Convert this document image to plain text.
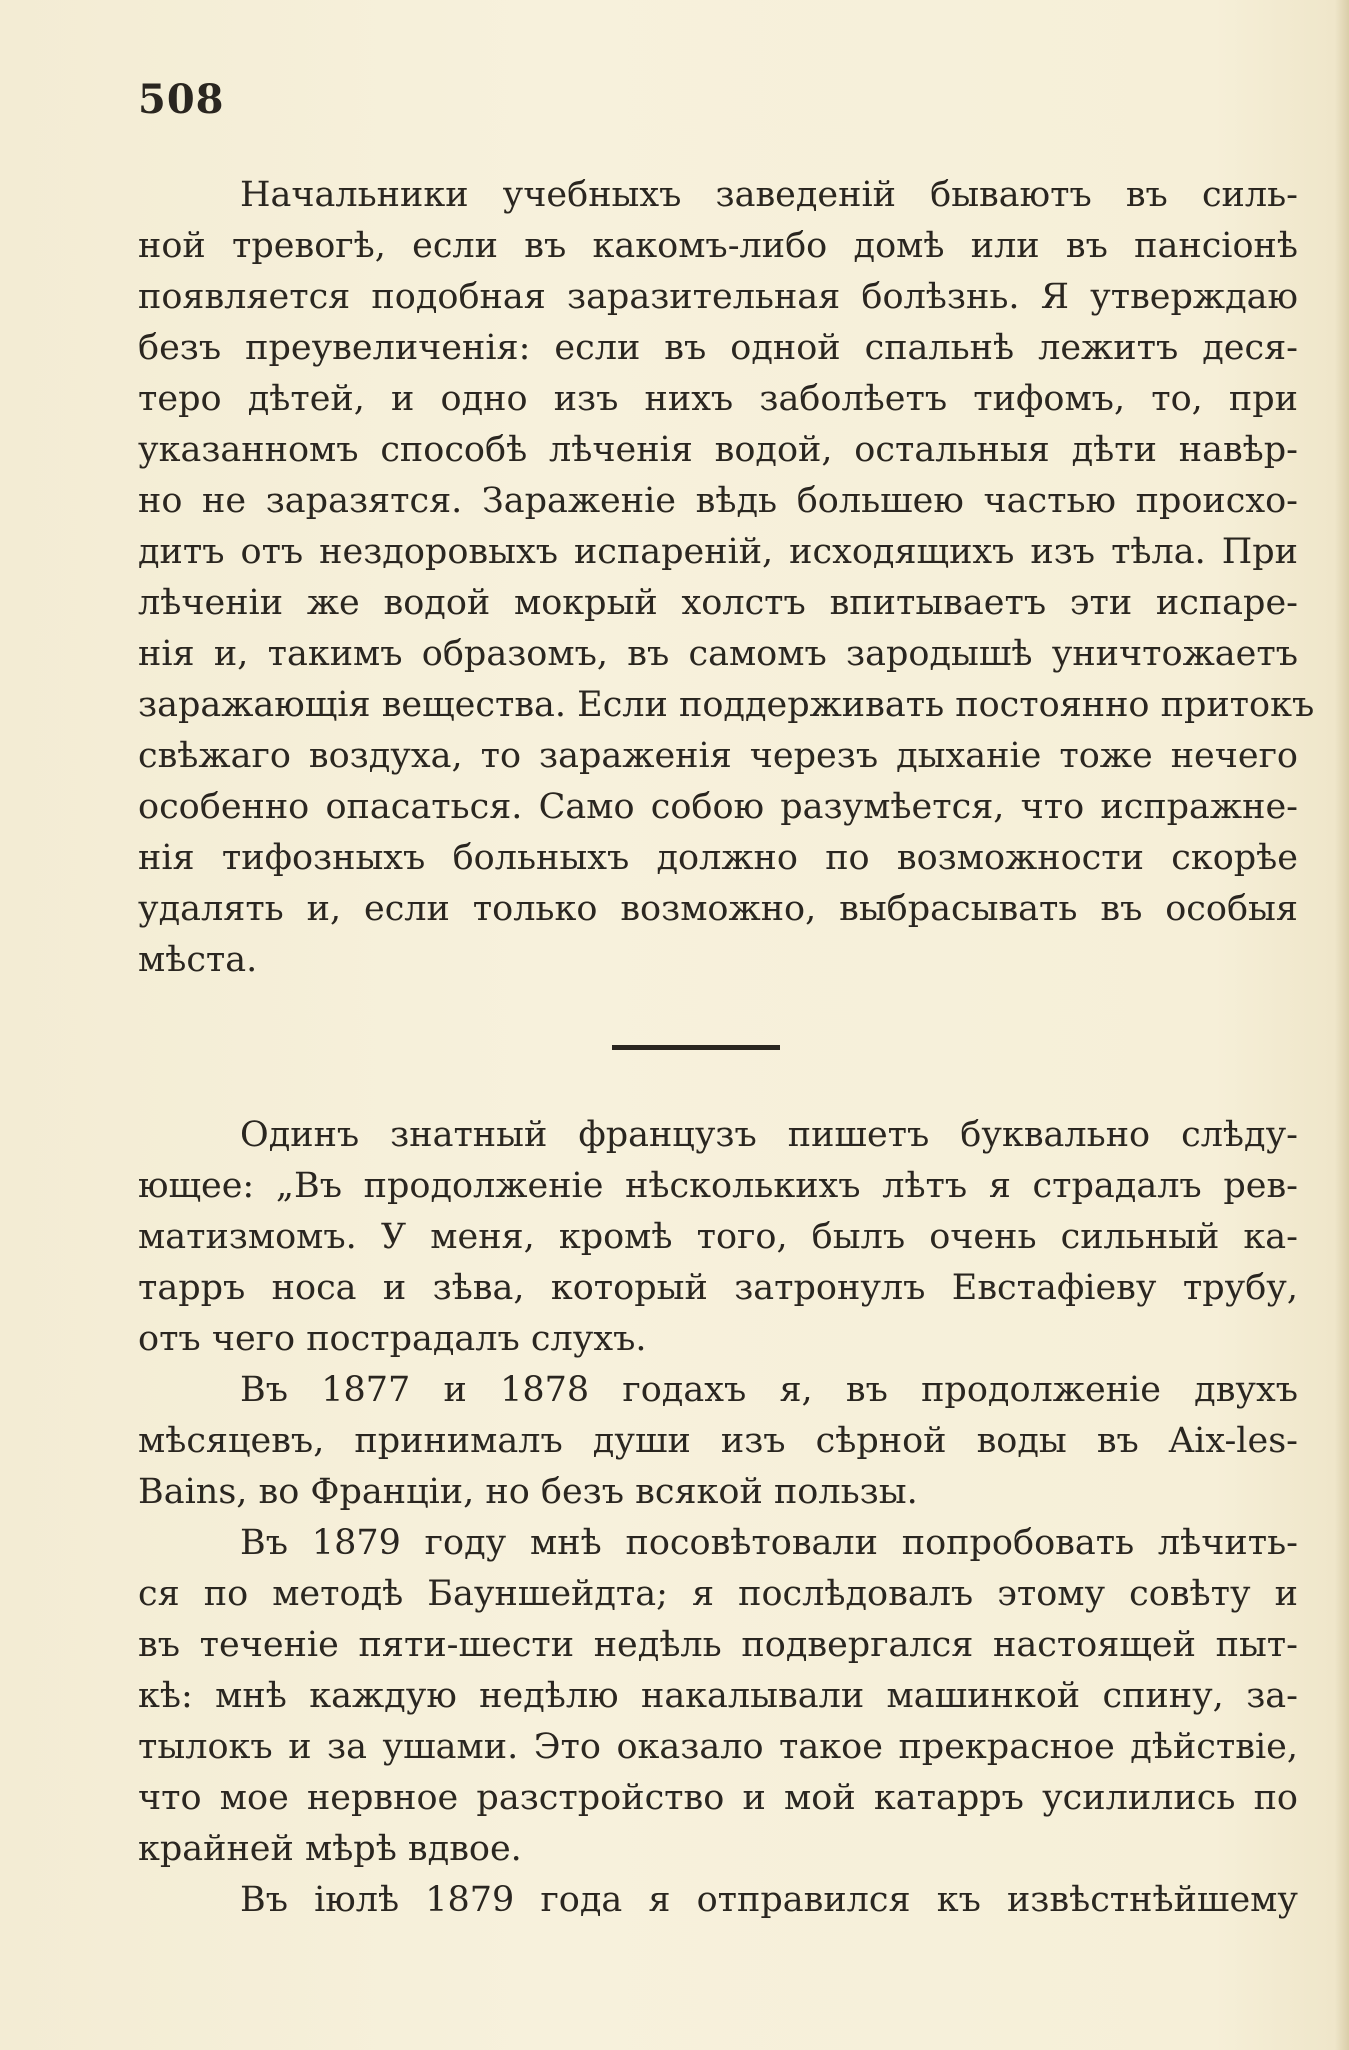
508
Начальники учебныхъ заведеній бываютъ въ силь-
ной тревогѣ, если въ какомъ-либо домѣ или въ пансіонѣ
появляется подобная заразительная болѣзнь. Я утверждаю
безъ преувеличенія: если въ одной спальнѣ лежитъ деся-
теро дѣтей, и одно изъ нихъ заболѣетъ тифомъ, то, при
указанномъ способѣ лѣченія водой, остальныя дѣти навѣр-
но не заразятся. Зараженіе вѣдь большею частью происхо-
дитъ отъ нездоровыхъ испареній, исходящихъ изъ тѣла. При
лѣченіи же водой мокрый холстъ впитываетъ эти испаре-
нія и, такимъ образомъ, въ самомъ зародышѣ уничтожаетъ
заражающія вещества. Если поддерживать постоянно притокъ
свѣжаго воздуха, то зараженія черезъ дыханіе тоже нечего
особенно опасаться. Само собою разумѣется, что испражне-
нія тифозныхъ больныхъ должно по возможности скорѣе
удалять и, если только возможно, выбрасывать въ особыя
мѣста.
Одинъ знатный французъ пишетъ буквально слѣду-
ющее: „Въ продолженіе нѣсколькихъ лѣтъ я страдалъ рев-
матизмомъ. У меня, кромѣ того, былъ очень сильный ка-
тарръ носа и зѣва, который затронулъ Евстафіеву трубу,
отъ чего пострадалъ слухъ.
Въ 1877 и 1878 годахъ я, въ продолженіе двухъ
мѣсяцевъ, принималъ души изъ сѣрной воды въ Aix-les-
Bains, во Франціи, но безъ всякой пользы.
Въ 1879 году мнѣ посовѣтовали попробовать лѣчить-
ся по методѣ Бауншейдта; я послѣдовалъ этому совѣту и
въ теченіе пяти-шести недѣль подвергался настоящей пыт-
кѣ: мнѣ каждую недѣлю накалывали машинкой спину, за-
тылокъ и за ушами. Это оказало такое прекрасное дѣйствіе,
что мое нервное разстройство и мой катарръ усилились по
крайней мѣрѣ вдвое.
Въ іюлѣ 1879 года я отправился къ извѣстнѣйшему
